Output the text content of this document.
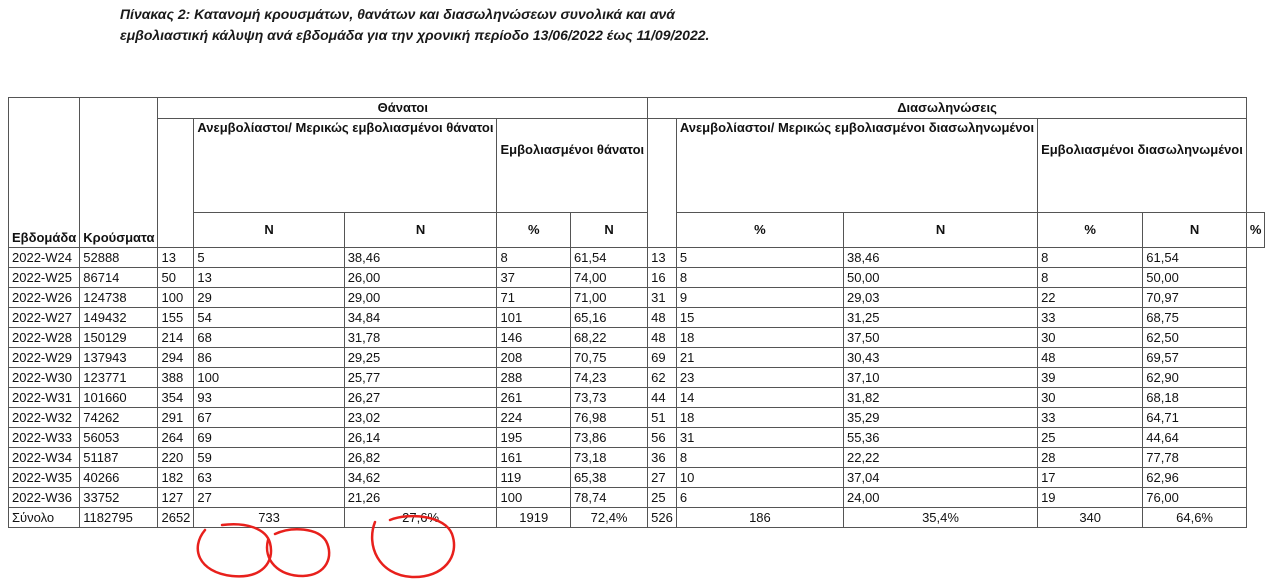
Πίνακας 2: Κατανομή κρουσμάτων, θανάτων και διασωληνώσεων συνολικά και ανά εμβολιαστική κάλυψη ανά εβδομάδα για την χρονική περίοδο 13/06/2022 έως 11/09/2022.
Εβδομάδα	Κρούσματα	Θάνατοι					Διασωληνώσεις					
			Ανεμβολίαστοι/ Μερικώς εμβολιασμένοι θάνατοι		Εμβολιασμένοι θάνατοι			Ανεμβολίαστοι/ Μερικώς εμβολιασμένοι διασωληνωμένοι		Εμβολιασμένοι διασωληνωμένοι		
			N	N	%	N		%	N	%	N	%
2022-W24	52888	13	5	38,46	8	61,54	13	5	38,46	8	61,54	
2022-W25	86714	50	13	26,00	37	74,00	16	8	50,00	8	50,00	
2022-W26	124738	100	29	29,00	71	71,00	31	9	29,03	22	70,97	
2022-W27	149432	155	54	34,84	101	65,16	48	15	31,25	33	68,75	
2022-W28	150129	214	68	31,78	146	68,22	48	18	37,50	30	62,50	
2022-W29	137943	294	86	29,25	208	70,75	69	21	30,43	48	69,57	
2022-W30	123771	388	100	25,77	288	74,23	62	23	37,10	39	62,90	
2022-W31	101660	354	93	26,27	261	73,73	44	14	31,82	30	68,18	
2022-W32	74262	291	67	23,02	224	76,98	51	18	35,29	33	64,71	
2022-W33	56053	264	69	26,14	195	73,86	56	31	55,36	25	44,64	
2022-W34	51187	220	59	26,82	161	73,18	36	8	22,22	28	77,78	
2022-W35	40266	182	63	34,62	119	65,38	27	10	37,04	17	62,96	
2022-W36	33752	127	27	21,26	100	78,74	25	6	24,00	19	76,00	
Σύνολο	1182795	2652	733	27,6%	1919	72,4%	526	186	35,4%	340	64,6%	
